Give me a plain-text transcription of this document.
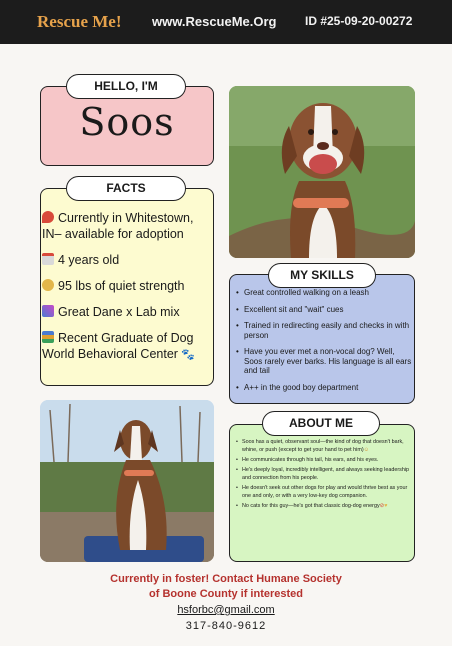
Rescue Me! www.RescueMe.Org ID #25-09-20-00272
HELLO, I'M
Soos
FACTS
Currently in Whitestown, IN– available for adoption
4 years old
95 lbs of quiet strength
Great Dane x Lab mix
Recent Graduate of Dog World Behavioral Center 🐾
MY SKILLS
• Great controlled walking on a leash
• Excellent sit and "wait" cues
• Trained in redirecting easily and checks in with person
• Have you ever met a non-vocal dog? Well, Soos rarely ever barks. His language is all ears and tail
• A++ in the good boy department
ABOUT ME
• Soos has a quiet, observant soul—the kind of dog that doesn't bark, whine, or push (except to get your hand to pet him)☺
• He communicates through his tail, his ears, and his eyes.
• He's deeply loyal, incredibly intelligent, and always seeking leadership and connection from his people.
• He doesn't seek out other dogs for play and would thrive best as your one and only, or with a very low-key dog companion.
• No cats for this guy—he's got that classic dog-dog energy⊘♥
Currently in foster! Contact Humane Society
of Boone County if interested
hsforbc@gmail.com
317-840-9612
